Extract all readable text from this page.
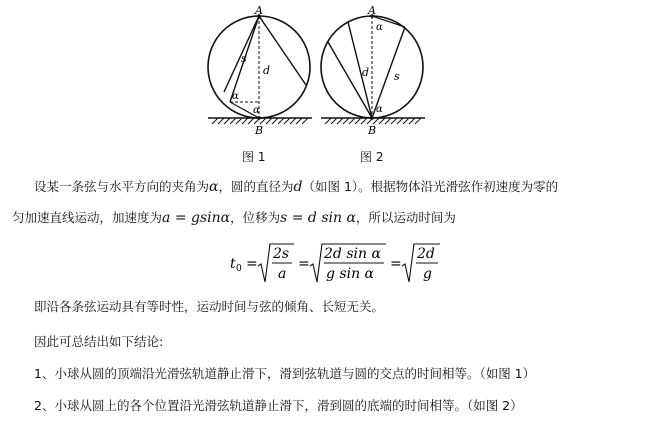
A
B
s
d
α
α
A
B
s
d
α
α
图 1	图 2
设某一条弦与水平方向的夹角为α，圆的直径为d（如图 1）。根据物体沿光滑弦作初速度为零的
匀加速直线运动，加速度为a = gsinα，位移为s = d sin α，所以运动时间为
t 0 =
2s
a
=
2d sin α
g sin α
=
2d
g
即沿各条弦运动具有等时性，运动时间与弦的倾角、长短无关。
因此可总结出如下结论:
1、小球从圆的顶端沿光滑弦轨道静止滑下，滑到弦轨道与圆的交点的时间相等。（如图 1）
2、小球从圆上的各个位置沿光滑弦轨道静止滑下，滑到圆的底端的时间相等。（如图 2）
